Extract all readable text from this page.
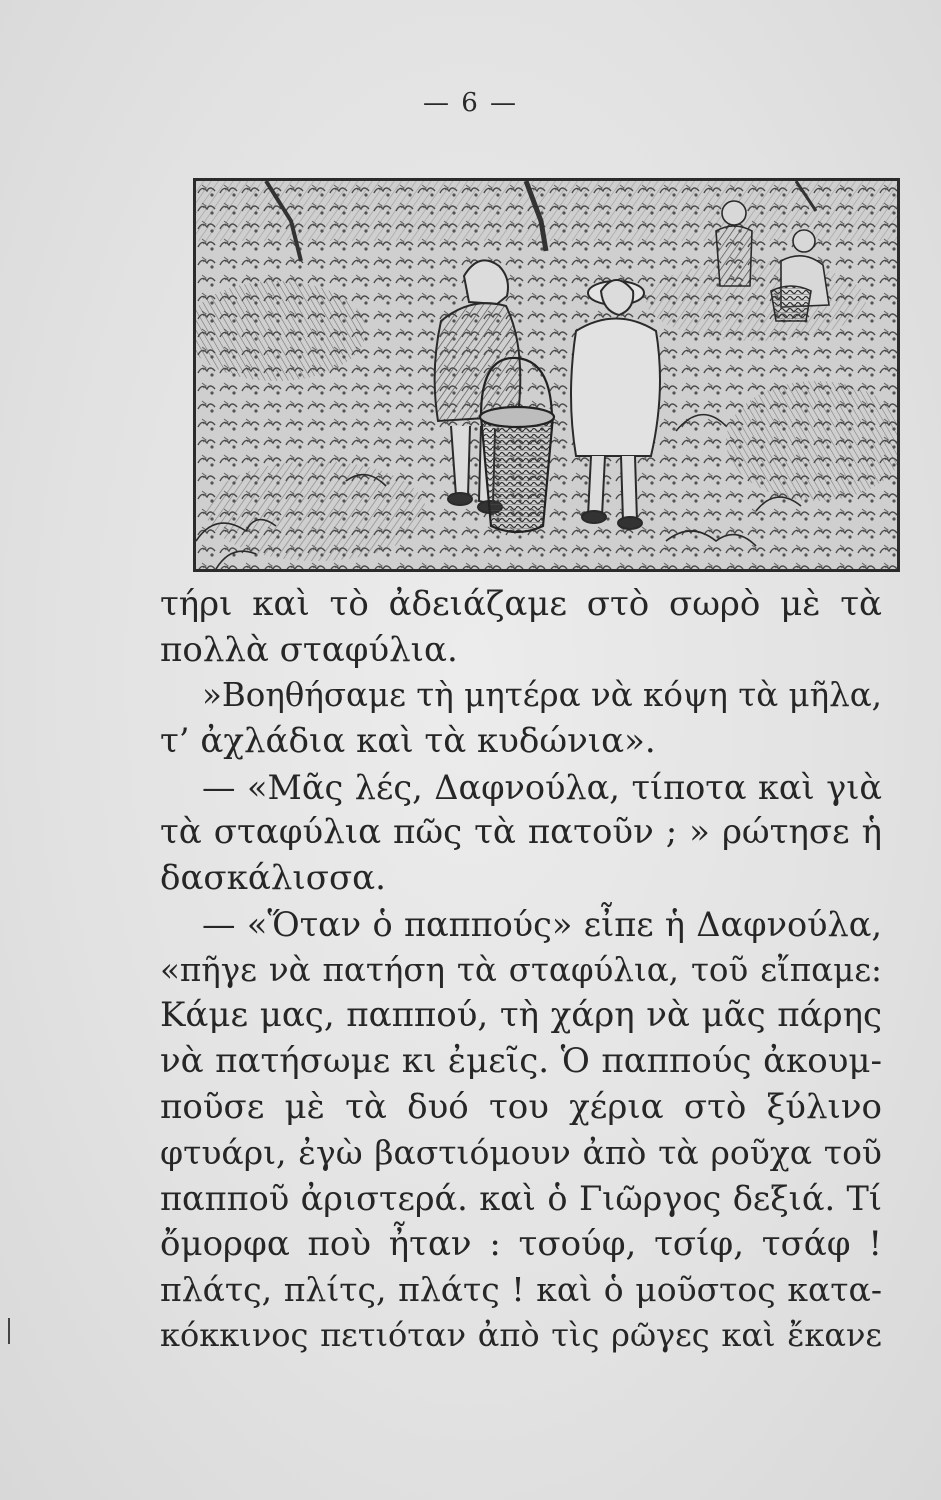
— 6 —
τήρι καὶ τὸ ἀδειάζαμε στὸ σωρὸ μὲ τὰ
πολλὰ σταφύλια.
»Βοηθήσαμε τὴ μητέρα νὰ κόψη τὰ μῆλα,
τ’ ἀχλάδια καὶ τὰ κυδώνια».
— «Μᾶς λές, Δαφνούλα, τίποτα καὶ γιὰ
τὰ σταφύλια πῶς τὰ πατοῦν ; » ρώτησε ἡ
δασκάλισσα.
— «Ὅταν ὁ παππούς» εἶπε ἡ Δαφνούλα,
«πῆγε νὰ πατήση τὰ σταφύλια, τοῦ εἴπαμε:
Κάμε μας, παππού, τὴ χάρη νὰ μᾶς πάρης
νὰ πατήσωμε κι ἐμεῖς. Ὁ παππούς ἀκουμ-
ποῦσε μὲ τὰ δυό του χέρια στὸ ξύλινο
φτυάρι, ἐγὼ βαστιόμουν ἀπὸ τὰ ροῦχα τοῦ
παπποῦ ἀριστερά. καὶ ὁ Γιῶργος δεξιά. Τί
ὄμορφα ποὺ ἦταν : τσούφ, τσίφ, τσάφ !
πλάτς, πλίτς, πλάτς ! καὶ ὁ μοῦστος κατα-
κόκκινος πετιόταν ἀπὸ τὶς ρῶγες καὶ ἔκανε
